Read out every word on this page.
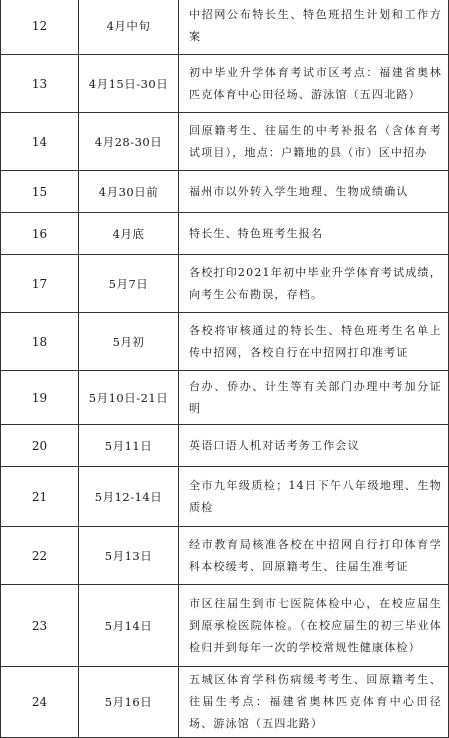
12	4月中旬	中招网公布特长生、特色班招生计划和工作方案
13	4月15日-30日	初中毕业升学体育考试市区考点：福建省奥林匹克体育中心田径场、游泳馆（五四北路）
14	4月28-30日	回原籍考生、往届生的中考补报名（含体育考试项目），地点：户籍地的县（市）区中招办
15	4月30日前	福州市以外转入学生地理、生物成绩确认
16	4月底	特长生、特色班考生报名
17	5月7日	各校打印2021年初中毕业升学体育考试成绩，向考生公布勘误，存档。
18	5月初	各校将审核通过的特长生、特色班考生名单上传中招网，各校自行在中招网打印准考证
19	5月10日-21日	台办、侨办、计生等有关部门办理中考加分证明
20	5月11日	英语口语人机对话考务工作会议
21	5月12-14日	全市九年级质检；14日下午八年级地理、生物质检
22	5月13日	经市教育局核准各校在中招网自行打印体育学科本校缓考、回原籍考生、往届生准考证
23	5月14日	市区往届生到市七医院体检中心，在校应届生到原承检医院体检。（在校应届生的初三毕业体检归并到每年一次的学校常规性健康体检）
24	5月16日	五城区体育学科伤病缓考考生、回原籍考生、往届生考点：福建省奥林匹克体育中心田径场、游泳馆（五四北路）
